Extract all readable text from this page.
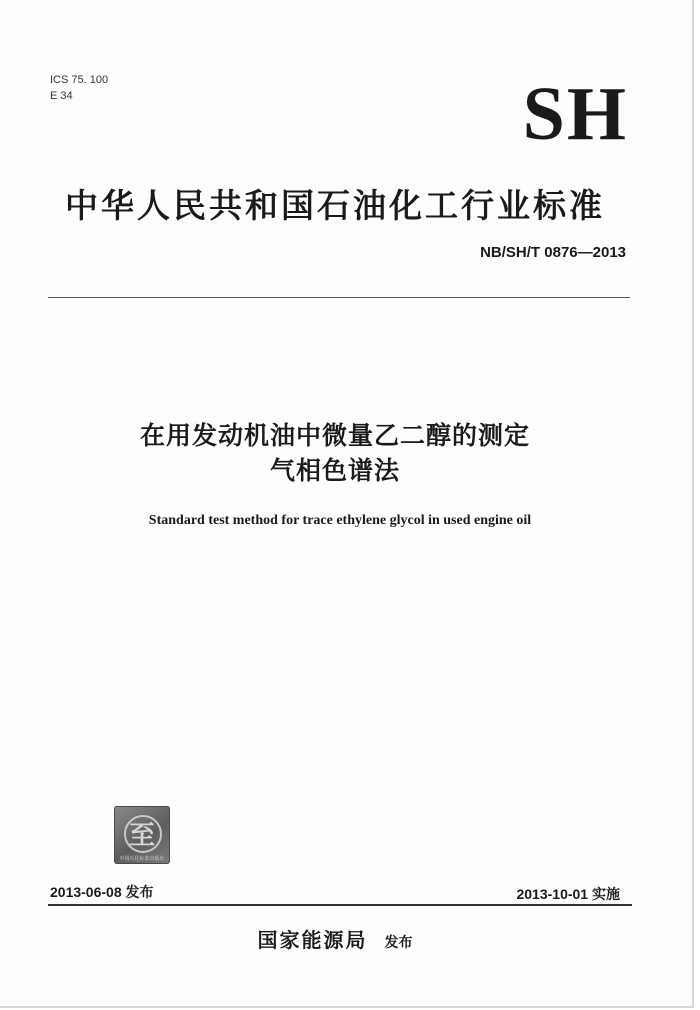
ICS 75. 100
E 34	SH
中华人民共和国石油化工行业标准
NB/SH/T 0876—2013
在用发动机油中微量乙二醇的测定
气相色谱法
Standard test method for trace ethylene glycol in used engine oil
至
中国石化标准出版社
2013-06-08 发布	2013-10-01 实施
国家能源局 发布
